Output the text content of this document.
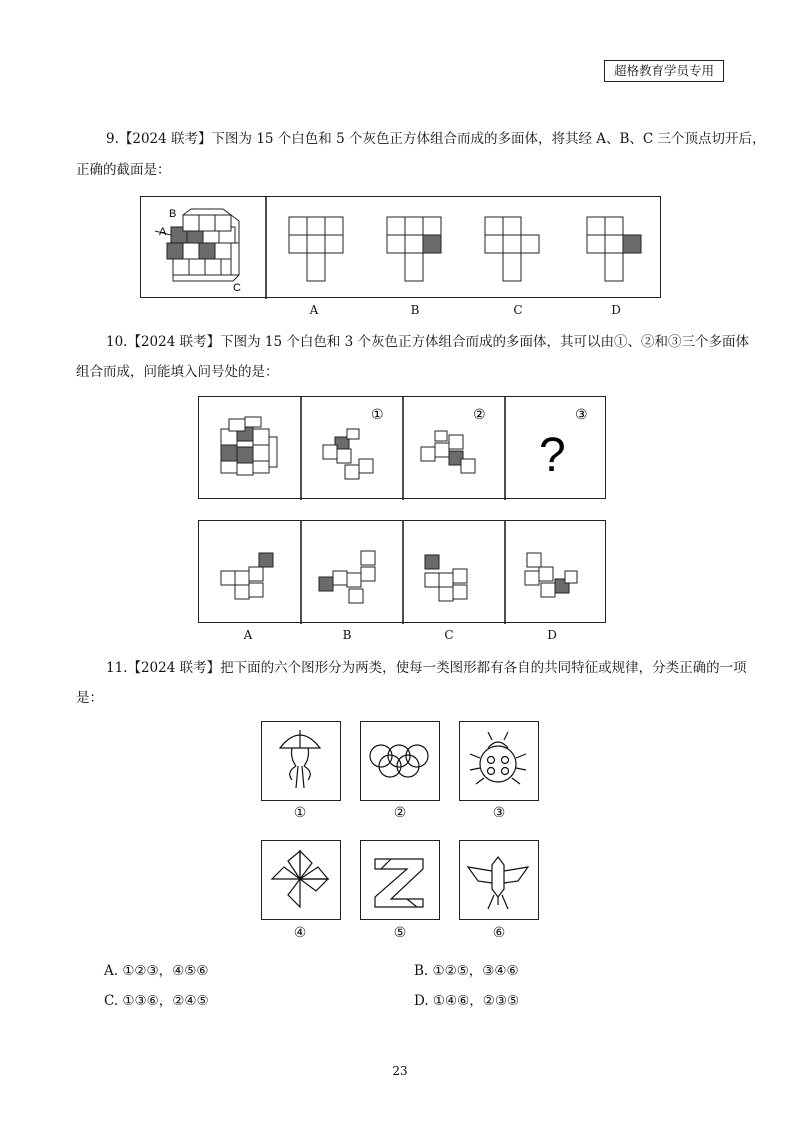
超格教育学员专用
9.【2024 联考】下图为 15 个白色和 5 个灰色正方体组合而成的多面体，将其经 A、B、C 三个顶点切开后，
正确的截面是：
B
A
C
A	B	C	D
10.【2024 联考】下图为 15 个白色和 3 个灰色正方体组合而成的多面体，其可以由①、②和③三个多面体
组合而成，问能填入问号处的是：
①	②
?
③
A	B	C	D
11.【2024 联考】把下面的六个图形分为两类，使每一类图形都有各自的共同特征或规律，分类正确的一项
是：
①	②	③
④	⑤	⑥
A. ①②③，④⑤⑥	B. ①②⑤，③④⑥
C. ①③⑥，②④⑤	D. ①④⑥，②③⑤
23
